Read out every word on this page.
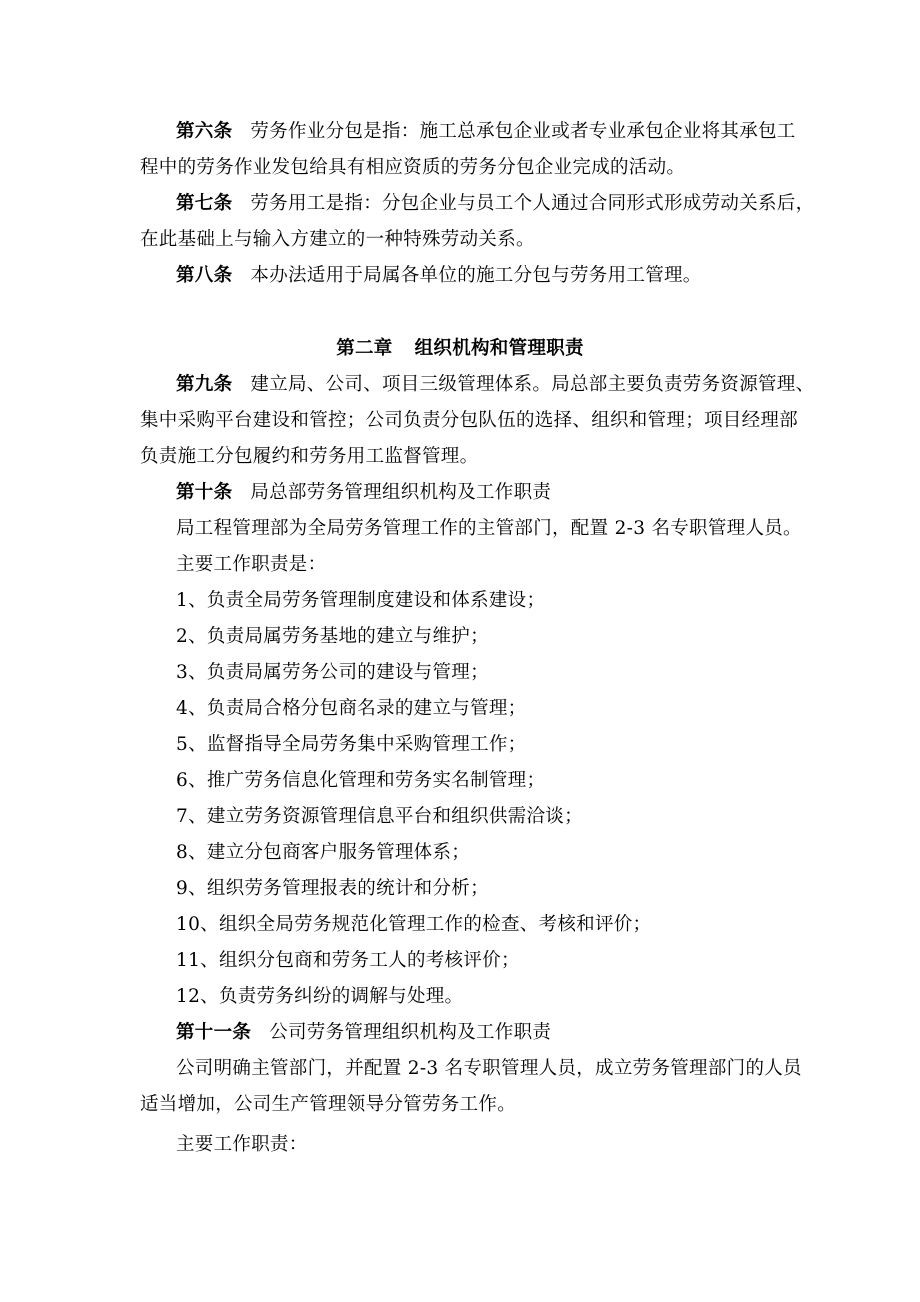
第六条 劳务作业分包是指：施工总承包企业或者专业承包企业将其承包工
程中的劳务作业发包给具有相应资质的劳务分包企业完成的活动。
第七条 劳务用工是指：分包企业与员工个人通过合同形式形成劳动关系后，
在此基础上与输入方建立的一种特殊劳动关系。
第八条 本办法适用于局属各单位的施工分包与劳务用工管理。
第二章 组织机构和管理职责
第九条 建立局、公司、项目三级管理体系。局总部主要负责劳务资源管理、
集中采购平台建设和管控；公司负责分包队伍的选择、组织和管理；项目经理部
负责施工分包履约和劳务用工监督管理。
第十条 局总部劳务管理组织机构及工作职责
局工程管理部为全局劳务管理工作的主管部门，配置 2-3 名专职管理人员。
主要工作职责是：
1、负责全局劳务管理制度建设和体系建设；
2、负责局属劳务基地的建立与维护；
3、负责局属劳务公司的建设与管理；
4、负责局合格分包商名录的建立与管理；
5、监督指导全局劳务集中采购管理工作；
6、推广劳务信息化管理和劳务实名制管理；
7、建立劳务资源管理信息平台和组织供需洽谈；
8、建立分包商客户服务管理体系；
9、组织劳务管理报表的统计和分析；
10、组织全局劳务规范化管理工作的检查、考核和评价；
11、组织分包商和劳务工人的考核评价；
12、负责劳务纠纷的调解与处理。
第十一条 公司劳务管理组织机构及工作职责
公司明确主管部门，并配置 2-3 名专职管理人员，成立劳务管理部门的人员
适当增加，公司生产管理领导分管劳务工作。
主要工作职责：
